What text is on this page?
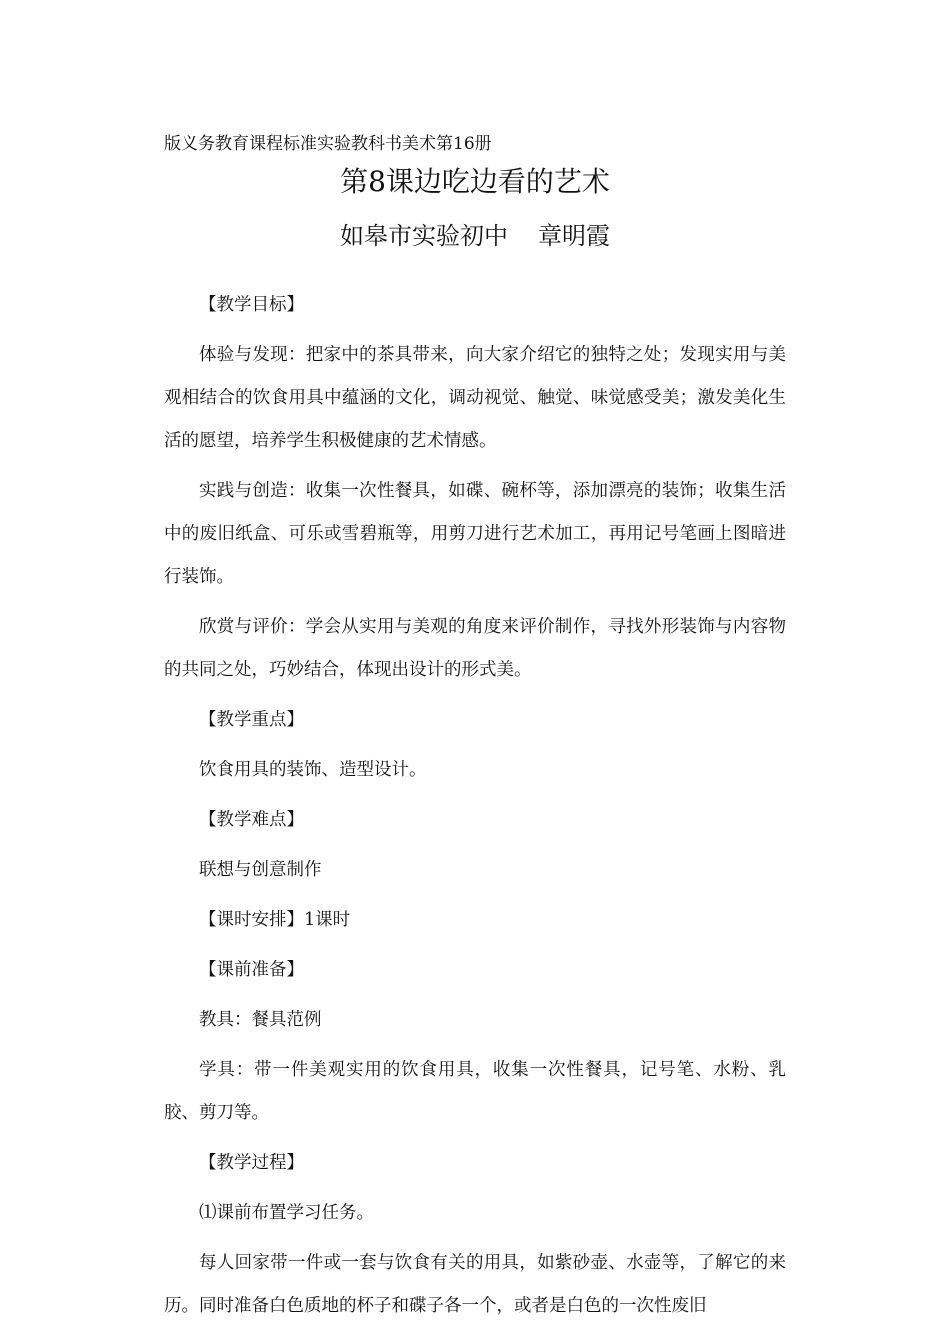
版义务教育课程标准实验教科书美术第16册
第8课边吃边看的艺术
如皋市实验初中 章明霞

【教学目标】

体验与发现：把家中的茶具带来，向大家介绍它的独特之处；发现实用与美观相结合的饮食用具中蕴涵的文化，调动视觉、触觉、味觉感受美；激发美化生活的愿望，培养学生积极健康的艺术情感。

实践与创造：收集一次性餐具，如碟、碗杯等，添加漂亮的装饰；收集生活中的废旧纸盒、可乐或雪碧瓶等，用剪刀进行艺术加工，再用记号笔画上图暗进行装饰。

欣赏与评价：学会从实用与美观的角度来评价制作，寻找外形装饰与内容物的共同之处，巧妙结合，体现出设计的形式美。

【教学重点】

饮食用具的装饰、造型设计。

【教学难点】

联想与创意制作

【课时安排】1课时

【课前准备】

教具：餐具范例

学具：带一件美观实用的饮食用具，收集一次性餐具，记号笔、水粉、乳胶、剪刀等。

【教学过程】

⑴课前布置学习任务。

每人回家带一件或一套与饮食有关的用具，如紫砂壶、水壶等，了解它的来历。同时准备白色质地的杯子和碟子各一个，或者是白色的一次性废旧
